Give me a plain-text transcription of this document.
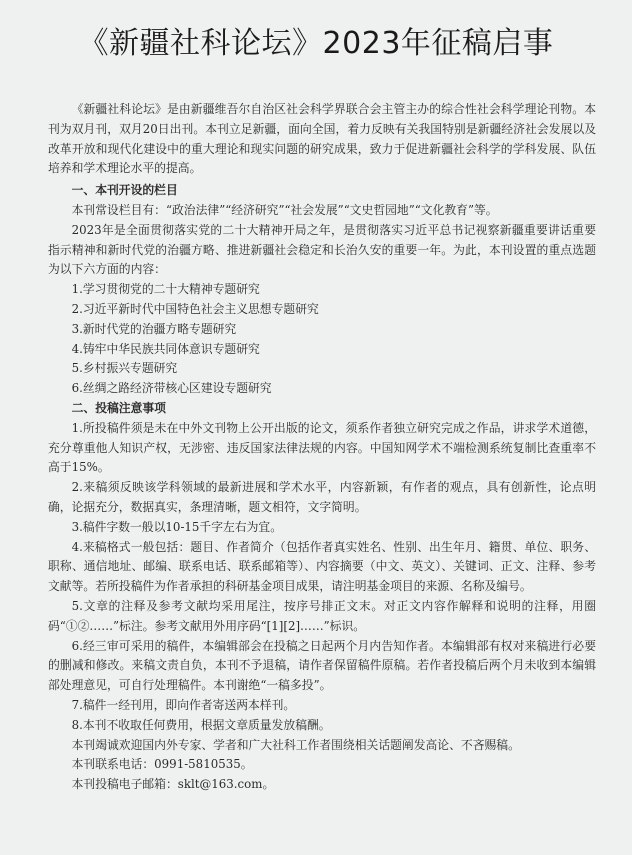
《新疆社科论坛》2023年征稿启事

《新疆社科论坛》是由新疆维吾尔自治区社会科学界联合会主管主办的综合性社会科学理论刊物。本刊为双月刊，双月20日出刊。本刊立足新疆，面向全国，着力反映有关我国特别是新疆经济社会发展以及改革开放和现代化建设中的重大理论和现实问题的研究成果，致力于促进新疆社会科学的学科发展、队伍培养和学术理论水平的提高。

一、本刊开设的栏目

本刊常设栏目有：“政治法律”“经济研究”“社会发展”“文史哲园地”“文化教育”等。

2023年是全面贯彻落实党的二十大精神开局之年，是贯彻落实习近平总书记视察新疆重要讲话重要指示精神和新时代党的治疆方略、推进新疆社会稳定和长治久安的重要一年。为此，本刊设置的重点选题为以下六方面的内容：

1.学习贯彻党的二十大精神专题研究

2.习近平新时代中国特色社会主义思想专题研究

3.新时代党的治疆方略专题研究

4.铸牢中华民族共同体意识专题研究

5.乡村振兴专题研究

6.丝绸之路经济带核心区建设专题研究

二、投稿注意事项

1.所投稿件须是未在中外文刊物上公开出版的论文，须系作者独立研究完成之作品，讲求学术道德，充分尊重他人知识产权，无涉密、违反国家法律法规的内容。中国知网学术不端检测系统复制比查重率不高于15%。

2.来稿须反映该学科领域的最新进展和学术水平，内容新颖，有作者的观点，具有创新性，论点明确，论据充分，数据真实，条理清晰，题文相符，文字简明。

3.稿件字数一般以10-15千字左右为宜。

4.来稿格式一般包括：题目、作者简介（包括作者真实姓名、性别、出生年月、籍贯、单位、职务、职称、通信地址、邮编、联系电话、联系邮箱等）、内容摘要（中文、英文）、关键词、正文、注释、参考文献等。若所投稿件为作者承担的科研基金项目成果，请注明基金项目的来源、名称及编号。

5.文章的注释及参考文献均采用尾注，按序号排正文末。对正文内容作解释和说明的注释，用圈码“①②……”标注。参考文献用外用序码“[1][2]……”标识。

6.经三审可采用的稿件，本编辑部会在投稿之日起两个月内告知作者。本编辑部有权对来稿进行必要的删减和修改。来稿文责自负，本刊不予退稿，请作者保留稿件原稿。若作者投稿后两个月未收到本编辑部处理意见，可自行处理稿件。本刊谢绝“一稿多投”。

7.稿件一经刊用，即向作者寄送两本样刊。

8.本刊不收取任何费用，根据文章质量发放稿酬。

本刊竭诚欢迎国内外专家、学者和广大社科工作者围绕相关话题阐发高论、不吝赐稿。

本刊联系电话：0991-5810535。

本刊投稿电子邮箱：sklt@163.com。
